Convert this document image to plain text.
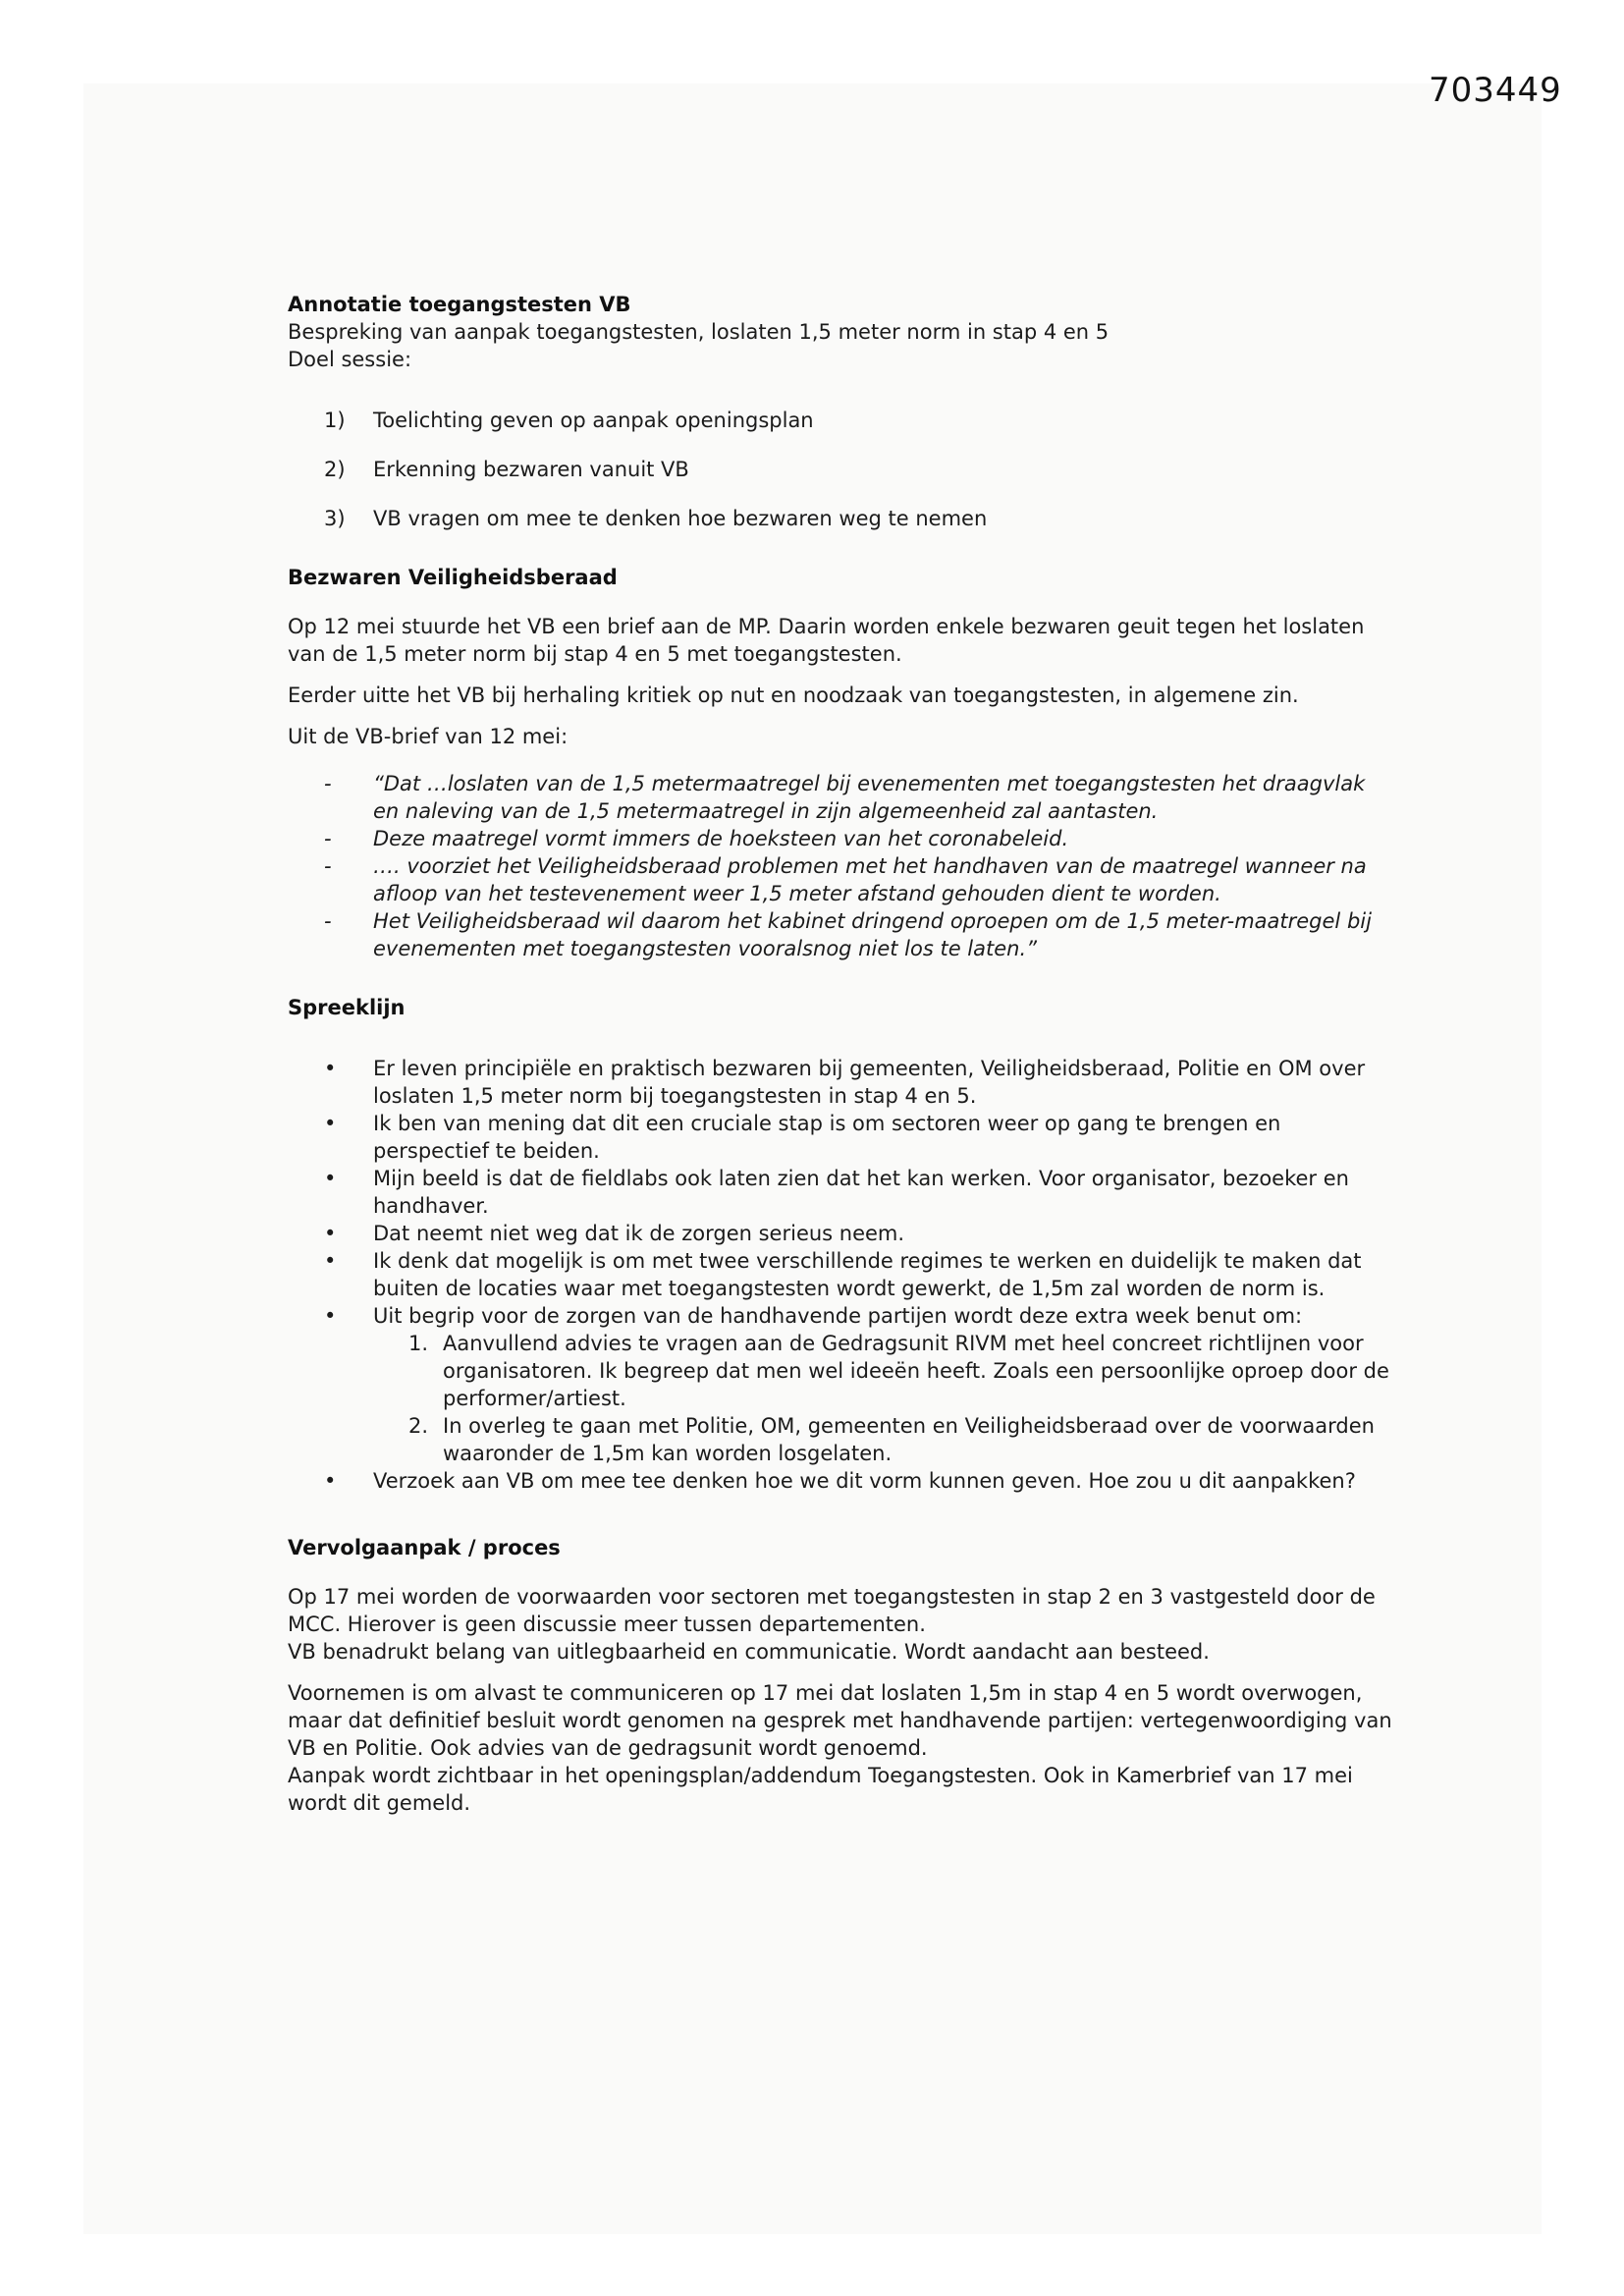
703449
Annotatie toegangstesten VB
Bespreking van aanpak toegangstesten, loslaten 1,5 meter norm in stap 4 en 5
Doel sessie:
1)	Toelichting geven op aanpak openingsplan
2)	Erkenning bezwaren vanuit VB
3)	VB vragen om mee te denken hoe bezwaren weg te nemen
Bezwaren Veiligheidsberaad
Op 12 mei stuurde het VB een brief aan de MP. Daarin worden enkele bezwaren geuit tegen het loslaten van de 1,5 meter norm bij stap 4 en 5 met toegangstesten.
Eerder uitte het VB bij herhaling kritiek op nut en noodzaak van toegangstesten, in algemene zin.
Uit de VB-brief van 12 mei:
-	“Dat …loslaten van de 1,5 metermaatregel bij evenementen met toegangstesten het draagvlak en naleving van de 1,5 metermaatregel in zijn algemeenheid zal aantasten.
-	Deze maatregel vormt immers de hoeksteen van het coronabeleid.
-	…. voorziet het Veiligheidsberaad problemen met het handhaven van de maatregel wanneer na afloop van het testevenement weer 1,5 meter afstand gehouden dient te worden.
-	Het Veiligheidsberaad wil daarom het kabinet dringend oproepen om de 1,5 meter-maatregel bij evenementen met toegangstesten vooralsnog niet los te laten.”
Spreeklijn
•	Er leven principiële en praktisch bezwaren bij gemeenten, Veiligheidsberaad, Politie en OM over loslaten 1,5 meter norm bij toegangstesten in stap 4 en 5.
•	Ik ben van mening dat dit een cruciale stap is om sectoren weer op gang te brengen en perspectief te beiden.
•	Mijn beeld is dat de fieldlabs ook laten zien dat het kan werken. Voor organisator, bezoeker en handhaver.
•	Dat neemt niet weg dat ik de zorgen serieus neem.
•	Ik denk dat mogelijk is om met twee verschillende regimes te werken en duidelijk te maken dat buiten de locaties waar met toegangstesten wordt gewerkt, de 1,5m zal worden de norm is.
•	Uit begrip voor de zorgen van de handhavende partijen wordt deze extra week benut om:
1. Aanvullend advies te vragen aan de Gedragsunit RIVM met heel concreet richtlijnen voor organisatoren. Ik begreep dat men wel ideeën heeft. Zoals een persoonlijke oproep door de performer/artiest.
2. In overleg te gaan met Politie, OM, gemeenten en Veiligheidsberaad over de voorwaarden waaronder de 1,5m kan worden losgelaten.
•	Verzoek aan VB om mee tee denken hoe we dit vorm kunnen geven. Hoe zou u dit aanpakken?
Vervolgaanpak / proces
Op 17 mei worden de voorwaarden voor sectoren met toegangstesten in stap 2 en 3 vastgesteld door de MCC. Hierover is geen discussie meer tussen departementen.
VB benadrukt belang van uitlegbaarheid en communicatie. Wordt aandacht aan besteed.
Voornemen is om alvast te communiceren op 17 mei dat loslaten 1,5m in stap 4 en 5 wordt overwogen, maar dat definitief besluit wordt genomen na gesprek met handhavende partijen: vertegenwoordiging van VB en Politie. Ook advies van de gedragsunit wordt genoemd.
Aanpak wordt zichtbaar in het openingsplan/addendum Toegangstesten. Ook in Kamerbrief van 17 mei wordt dit gemeld.
